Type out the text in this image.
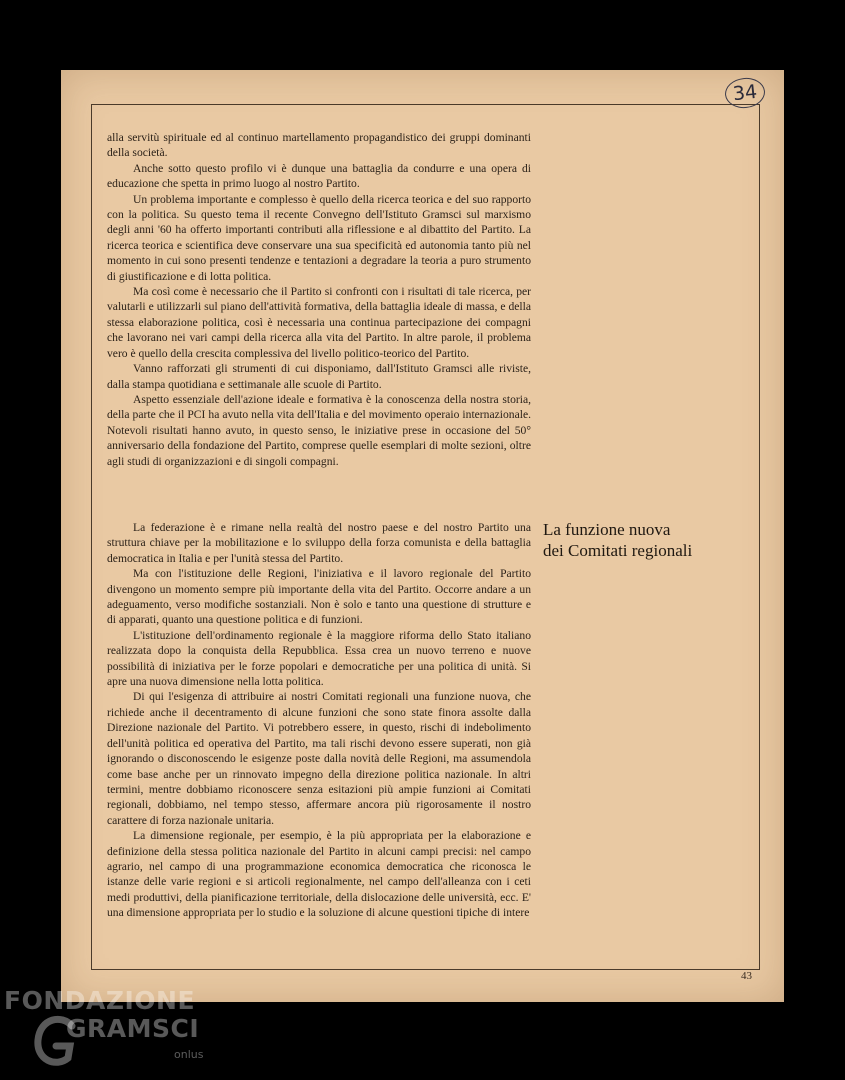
34

alla servitù spirituale ed al continuo martellamento propagandistico dei gruppi dominanti della società.

Anche sotto questo profilo vi è dunque una battaglia da condurre e una opera di educazione che spetta in primo luogo al nostro Partito.

Un problema importante e complesso è quello della ricerca teorica e del suo rapporto con la politica. Su questo tema il recente Convegno dell'Istituto Gramsci sul marxismo degli anni '60 ha offerto importanti contributi alla riflessione e al dibattito del Partito. La ricerca teorica e scientifica deve conservare una sua specificità ed autonomia tanto più nel momento in cui sono presenti tendenze e tentazioni a degradare la teoria a puro strumento di giustificazione e di lotta politica.

Ma così come è necessario che il Partito si confronti con i risultati di tale ricerca, per valutarli e utilizzarli sul piano dell'attività formativa, della battaglia ideale di massa, e della stessa elaborazione politica, così è necessaria una continua partecipazione dei compagni che lavorano nei vari campi della ricerca alla vita del Partito. In altre parole, il problema vero è quello della crescita complessiva del livello politico-teorico del Partito.

Vanno rafforzati gli strumenti di cui disponiamo, dall'Istituto Gramsci alle riviste, dalla stampa quotidiana e settimanale alle scuole di Partito.

Aspetto essenziale dell'azione ideale e formativa è la conoscenza della nostra storia, della parte che il PCI ha avuto nella vita dell'Italia e del movimento operaio internazionale. Notevoli risultati hanno avuto, in questo senso, le iniziative prese in occasione del 50° anniversario della fondazione del Partito, comprese quelle esemplari di molte sezioni, oltre agli studi di organizzazioni e di singoli compagni.

La funzione nuova
dei Comitati regionali

La federazione è e rimane nella realtà del nostro paese e del nostro Partito una struttura chiave per la mobilitazione e lo sviluppo della forza comunista e della battaglia democratica in Italia e per l'unità stessa del Partito.

Ma con l'istituzione delle Regioni, l'iniziativa e il lavoro regionale del Partito divengono un momento sempre più importante della vita del Partito. Occorre andare a un adeguamento, verso modifiche sostanziali. Non è solo e tanto una questione di strutture e di apparati, quanto una questione politica e di funzioni.

L'istituzione dell'ordinamento regionale è la maggiore riforma dello Stato italiano realizzata dopo la conquista della Repubblica. Essa crea un nuovo terreno e nuove possibilità di iniziativa per le forze popolari e democratiche per una politica di unità. Si apre una nuova dimensione nella lotta politica.

Di qui l'esigenza di attribuire ai nostri Comitati regionali una funzione nuova, che richiede anche il decentramento di alcune funzioni che sono state finora assolte dalla Direzione nazionale del Partito. Vi potrebbero essere, in questo, rischi di indebolimento dell'unità politica ed operativa del Partito, ma tali rischi devono essere superati, non già ignorando o disconoscendo le esigenze poste dalla novità delle Regioni, ma assumendola come base anche per un rinnovato impegno della direzione politica nazionale. In altri termini, mentre dobbiamo riconoscere senza esitazioni più ampie funzioni ai Comitati regionali, dobbiamo, nel tempo stesso, affermare ancora più rigorosamente il nostro carattere di forza nazionale unitaria.

La dimensione regionale, per esempio, è la più appropriata per la elaborazione e definizione della stessa politica nazionale del Partito in alcuni campi precisi: nel campo agrario, nel campo di una programmazione economica democratica che riconosca le istanze delle varie regioni e si articoli regionalmente, nel campo dell'alleanza con i ceti medi produttivi, della pianificazione territoriale, della dislocazione delle università, ecc. E' una dimensione appropriata per lo studio e la soluzione di alcune questioni tipiche di intere

43
FONDAZIONE
GRAMSCI
onlus
